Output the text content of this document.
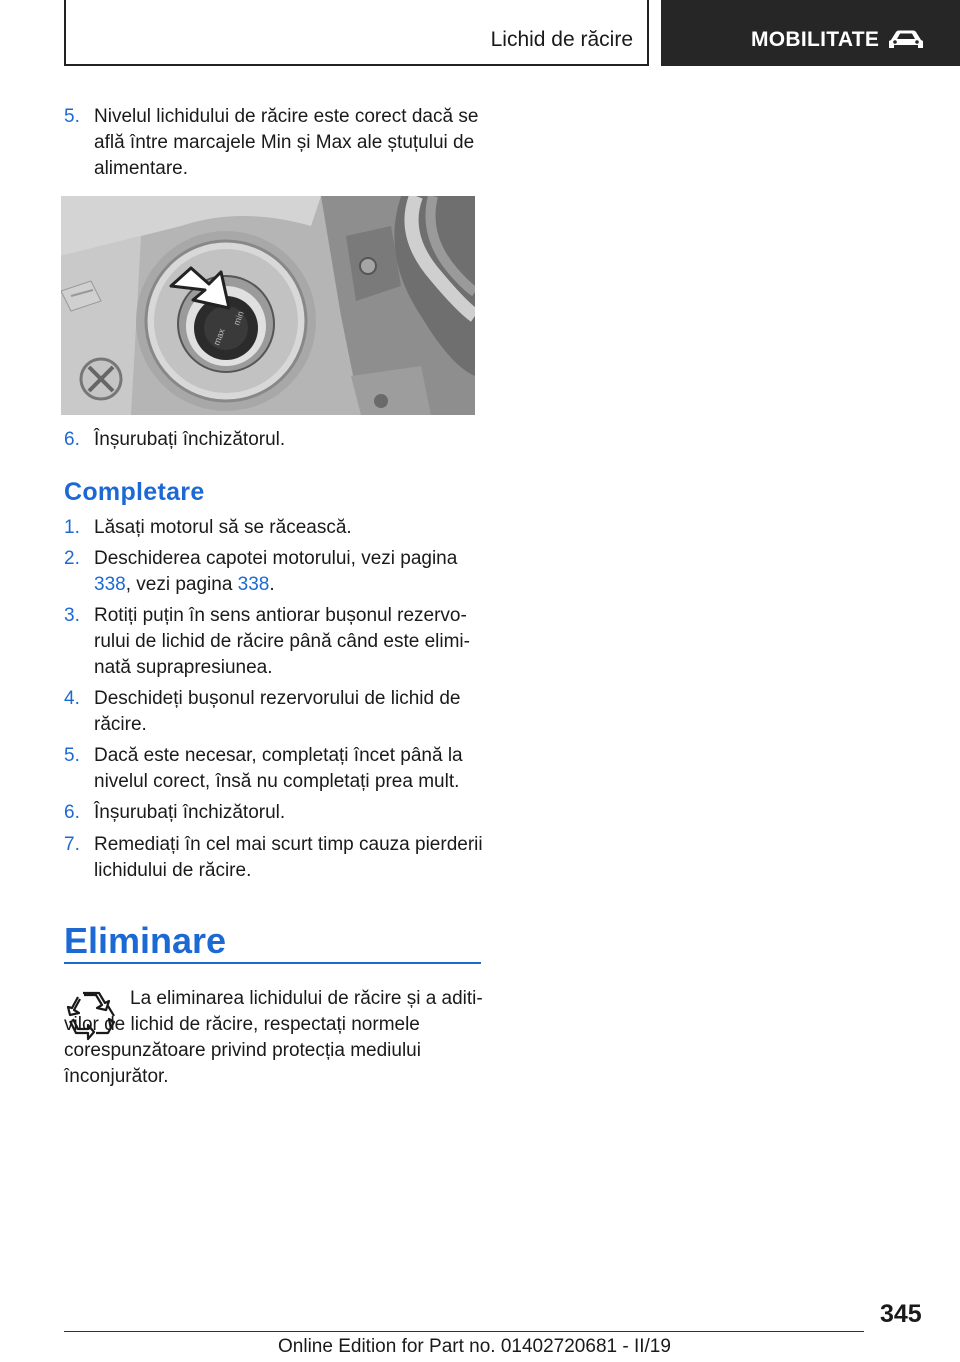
Lichid de răcire	MOBILITATE
5. Nivelul lichidului de răcire este corect dacă se află între marcajele Min și Max ale ștuțului de alimentare.
min
max
6. Înșurubați închizătorul.
Completare
1. Lăsați motorul să se răcească.
2. Deschiderea capotei motorului, vezi pagina 338, vezi pagina 338.
3. Rotiți puțin în sens antiorar bușonul rezervorului de lichid de răcire până când este eliminată suprapresiunea.
4. Deschideți bușonul rezervorului de lichid de răcire.
5. Dacă este necesar, completați încet până la nivelul corect, însă nu completați prea mult.
6. Înșurubați închizătorul.
7. Remediați în cel mai scurt timp cauza pierderii lichidului de răcire.
Eliminare
La eliminarea lichidului de răcire și a aditivilor de lichid de răcire, respectați normele corespunzătoare privind protecția mediului înconjurător.
345
Online Edition for Part no. 01402720681 - II/19
